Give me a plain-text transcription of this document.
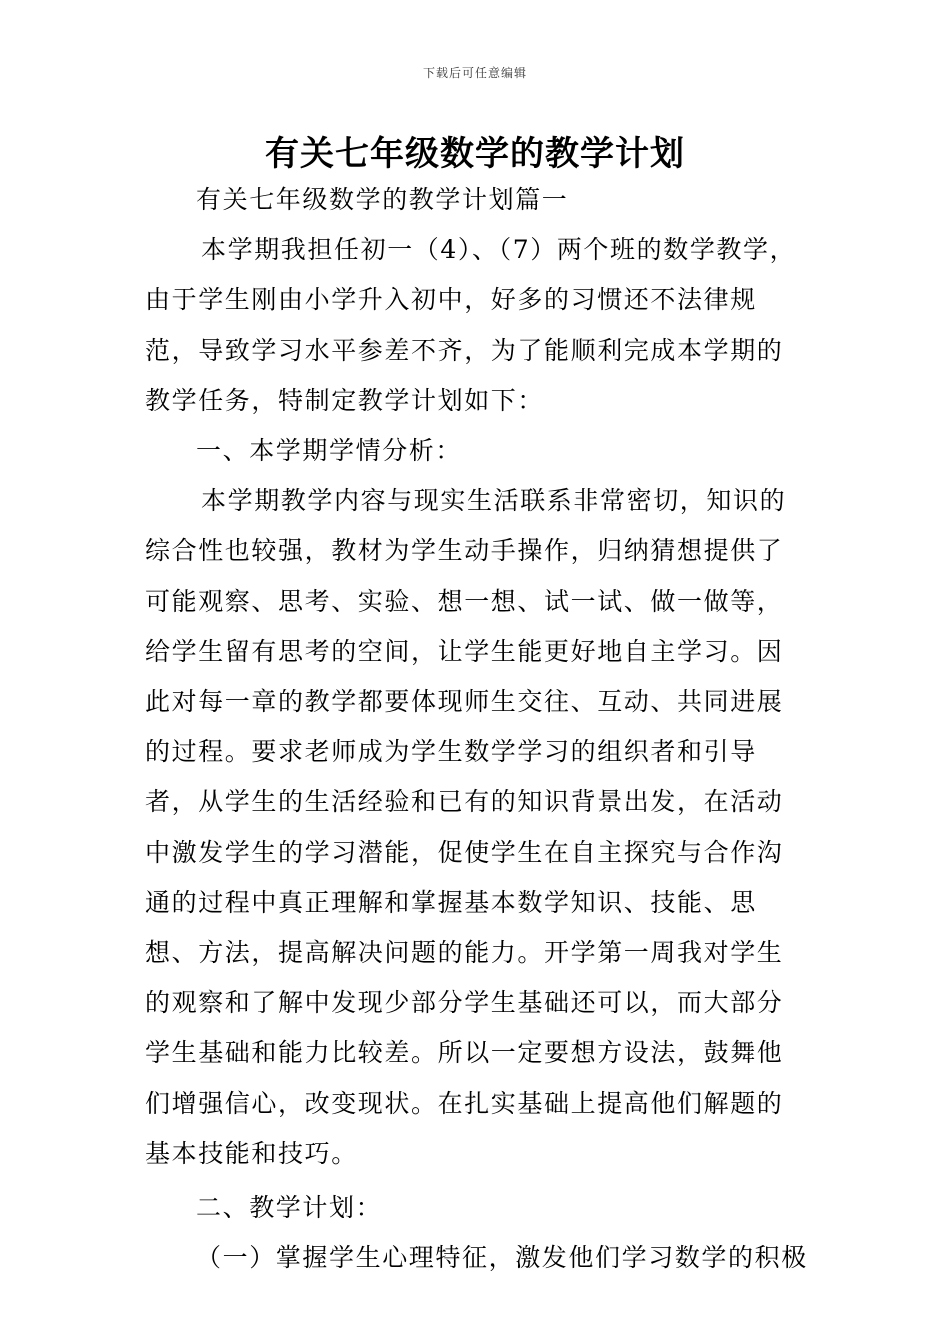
下载后可任意编辑
有关七年级数学的教学计划

有关七年级数学的教学计划篇一

本学期我担任初一（4）、（7）两个班的数学教学，由于学生刚由小学升入初中，好多的习惯还不法律规范，导致学习水平参差不齐，为了能顺利完成本学期的教学任务，特制定教学计划如下：

一、本学期学情分析：

本学期教学内容与现实生活联系非常密切，知识的综合性也较强，教材为学生动手操作，归纳猜想提供了可能观察、思考、实验、想一想、试一试、做一做等，给学生留有思考的空间，让学生能更好地自主学习。因此对每一章的教学都要体现师生交往、互动、共同进展的过程。要求老师成为学生数学学习的组织者和引导者，从学生的生活经验和已有的知识背景出发，在活动中激发学生的学习潜能，促使学生在自主探究与合作沟通的过程中真正理解和掌握基本数学知识、技能、思想、方法，提高解决问题的能力。开学第一周我对学生的观察和了解中发现少部分学生基础还可以，而大部分学生基础和能力比较差。所以一定要想方设法，鼓舞他们增强信心，改变现状。在扎实基础上提高他们解题的基本技能和技巧。

二、教学计划：

（一）掌握学生心理特征，激发他们学习数学的积极
